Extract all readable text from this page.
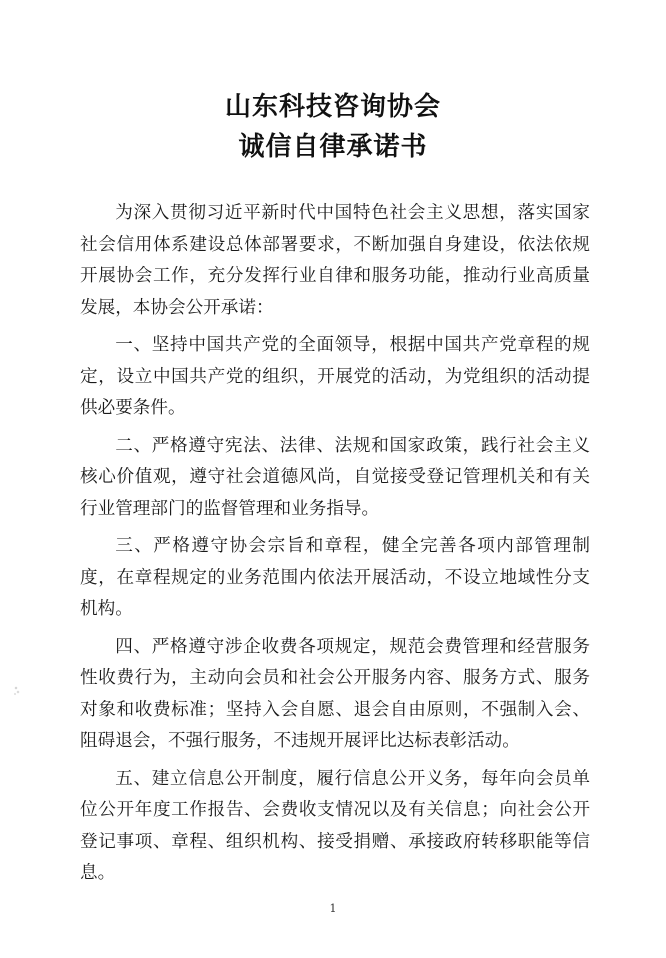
山东科技咨询协会
诚信自律承诺书

为深入贯彻习近平新时代中国特色社会主义思想，落实国家社会信用体系建设总体部署要求，不断加强自身建设，依法依规开展协会工作，充分发挥行业自律和服务功能，推动行业高质量发展，本协会公开承诺：

一、坚持中国共产党的全面领导，根据中国共产党章程的规定，设立中国共产党的组织，开展党的活动，为党组织的活动提供必要条件。

二、严格遵守宪法、法律、法规和国家政策，践行社会主义核心价值观，遵守社会道德风尚，自觉接受登记管理机关和有关行业管理部门的监督管理和业务指导。

三、严格遵守协会宗旨和章程，健全完善各项内部管理制度，在章程规定的业务范围内依法开展活动，不设立地域性分支机构。

四、严格遵守涉企收费各项规定，规范会费管理和经营服务性收费行为，主动向会员和社会公开服务内容、服务方式、服务对象和收费标准；坚持入会自愿、退会自由原则，不强制入会、阻碍退会，不强行服务，不违规开展评比达标表彰活动。

五、建立信息公开制度，履行信息公开义务，每年向会员单位公开年度工作报告、会费收支情况以及有关信息；向社会公开登记事项、章程、组织机构、接受捐赠、承接政府转移职能等信息。

1
